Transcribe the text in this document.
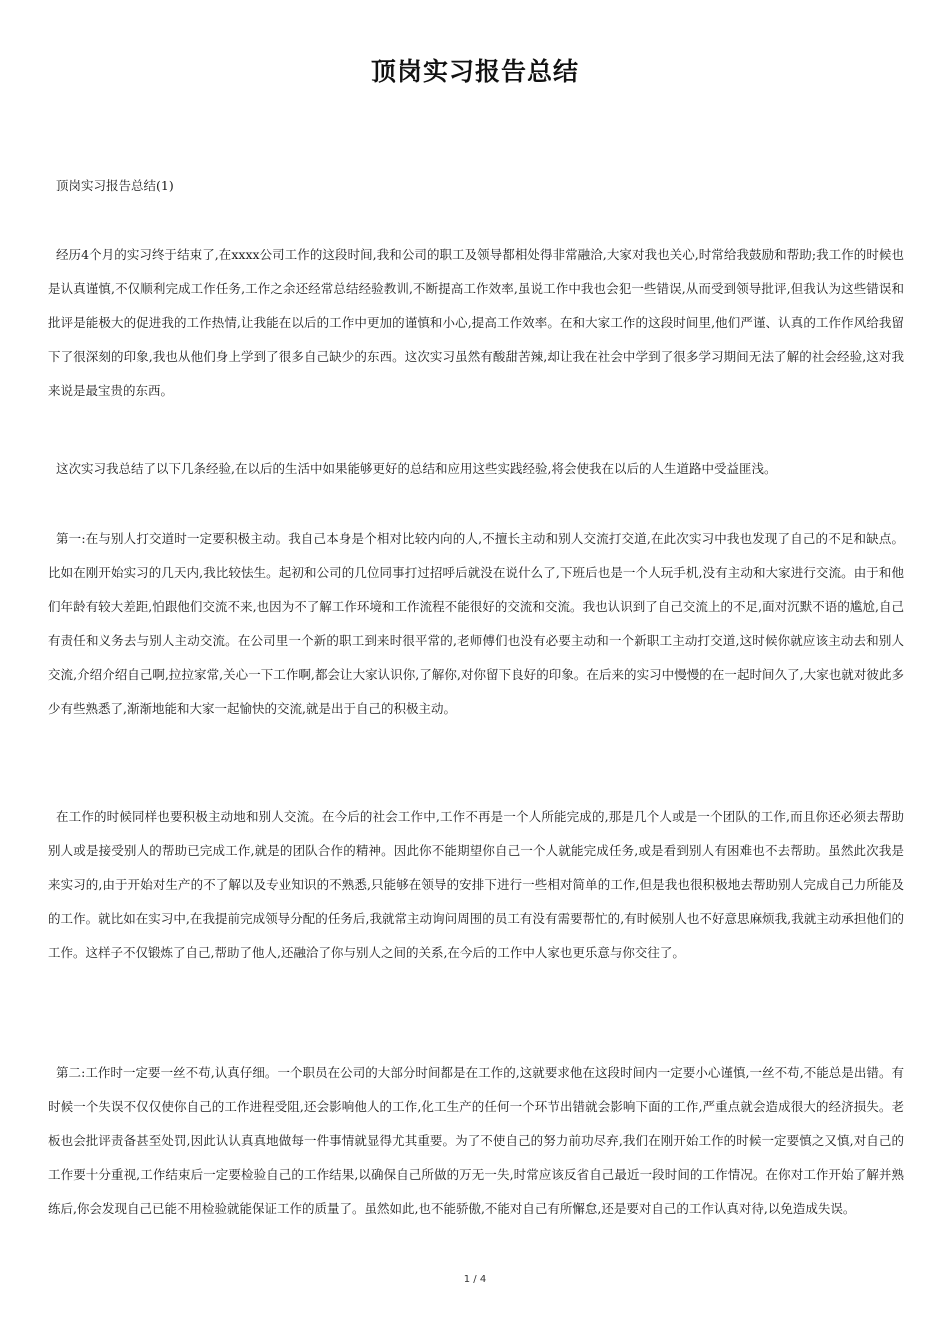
顶岗实习报告总结

顶岗实习报告总结(1)

经历4个月的实习终于结束了,在xxxx公司工作的这段时间,我和公司的职工及领导都相处得非常融洽,大家对我也关心,时常给我鼓励和帮助;我工作的时候也是认真谨慎,不仅顺利完成工作任务,工作之余还经常总结经验教训,不断提高工作效率,虽说工作中我也会犯一些错误,从而受到领导批评,但我认为这些错误和批评是能极大的促进我的工作热情,让我能在以后的工作中更加的谨慎和小心,提高工作效率。在和大家工作的这段时间里,他们严谨、认真的工作作风给我留下了很深刻的印象,我也从他们身上学到了很多自己缺少的东西。这次实习虽然有酸甜苦辣,却让我在社会中学到了很多学习期间无法了解的社会经验,这对我来说是最宝贵的东西。

这次实习我总结了以下几条经验,在以后的生活中如果能够更好的总结和应用这些实践经验,将会使我在以后的人生道路中受益匪浅。

第一:在与别人打交道时一定要积极主动。我自己本身是个相对比较内向的人,不擅长主动和别人交流打交道,在此次实习中我也发现了自己的不足和缺点。比如在刚开始实习的几天内,我比较怯生。起初和公司的几位同事打过招呼后就没在说什么了,下班后也是一个人玩手机,没有主动和大家进行交流。由于和他们年龄有较大差距,怕跟他们交流不来,也因为不了解工作环境和工作流程不能很好的交流和交流。我也认识到了自己交流上的不足,面对沉默不语的尴尬,自己有责任和义务去与别人主动交流。在公司里一个新的职工到来时很平常的,老师傅们也没有必要主动和一个新职工主动打交道,这时候你就应该主动去和别人交流,介绍介绍自己啊,拉拉家常,关心一下工作啊,都会让大家认识你,了解你,对你留下良好的印象。在后来的实习中慢慢的在一起时间久了,大家也就对彼此多少有些熟悉了,渐渐地能和大家一起愉快的交流,就是出于自己的积极主动。

在工作的时候同样也要积极主动地和别人交流。在今后的社会工作中,工作不再是一个人所能完成的,那是几个人或是一个团队的工作,而且你还必须去帮助别人或是接受别人的帮助已完成工作,就是的团队合作的精神。因此你不能期望你自己一个人就能完成任务,或是看到别人有困难也不去帮助。虽然此次我是来实习的,由于开始对生产的不了解以及专业知识的不熟悉,只能够在领导的安排下进行一些相对简单的工作,但是我也很积极地去帮助别人完成自己力所能及的工作。就比如在实习中,在我提前完成领导分配的任务后,我就常主动询问周围的员工有没有需要帮忙的,有时候别人也不好意思麻烦我,我就主动承担他们的工作。这样子不仅锻炼了自己,帮助了他人,还融洽了你与别人之间的关系,在今后的工作中人家也更乐意与你交往了。

第二:工作时一定要一丝不苟,认真仔细。一个职员在公司的大部分时间都是在工作的,这就要求他在这段时间内一定要小心谨慎,一丝不苟,不能总是出错。有时候一个失误不仅仅使你自己的工作进程受阻,还会影响他人的工作,化工生产的任何一个环节出错就会影响下面的工作,严重点就会造成很大的经济损失。老板也会批评责备甚至处罚,因此认认真真地做每一件事情就显得尤其重要。为了不使自己的努力前功尽弃,我们在刚开始工作的时候一定要慎之又慎,对自己的工作要十分重视,工作结束后一定要检验自己的工作结果,以确保自己所做的万无一失,时常应该反省自己最近一段时间的工作情况。在你对工作开始了解并熟练后,你会发现自己已能不用检验就能保证工作的质量了。虽然如此,也不能骄傲,不能对自己有所懈怠,还是要对自己的工作认真对待,以免造成失误。

1 / 4
